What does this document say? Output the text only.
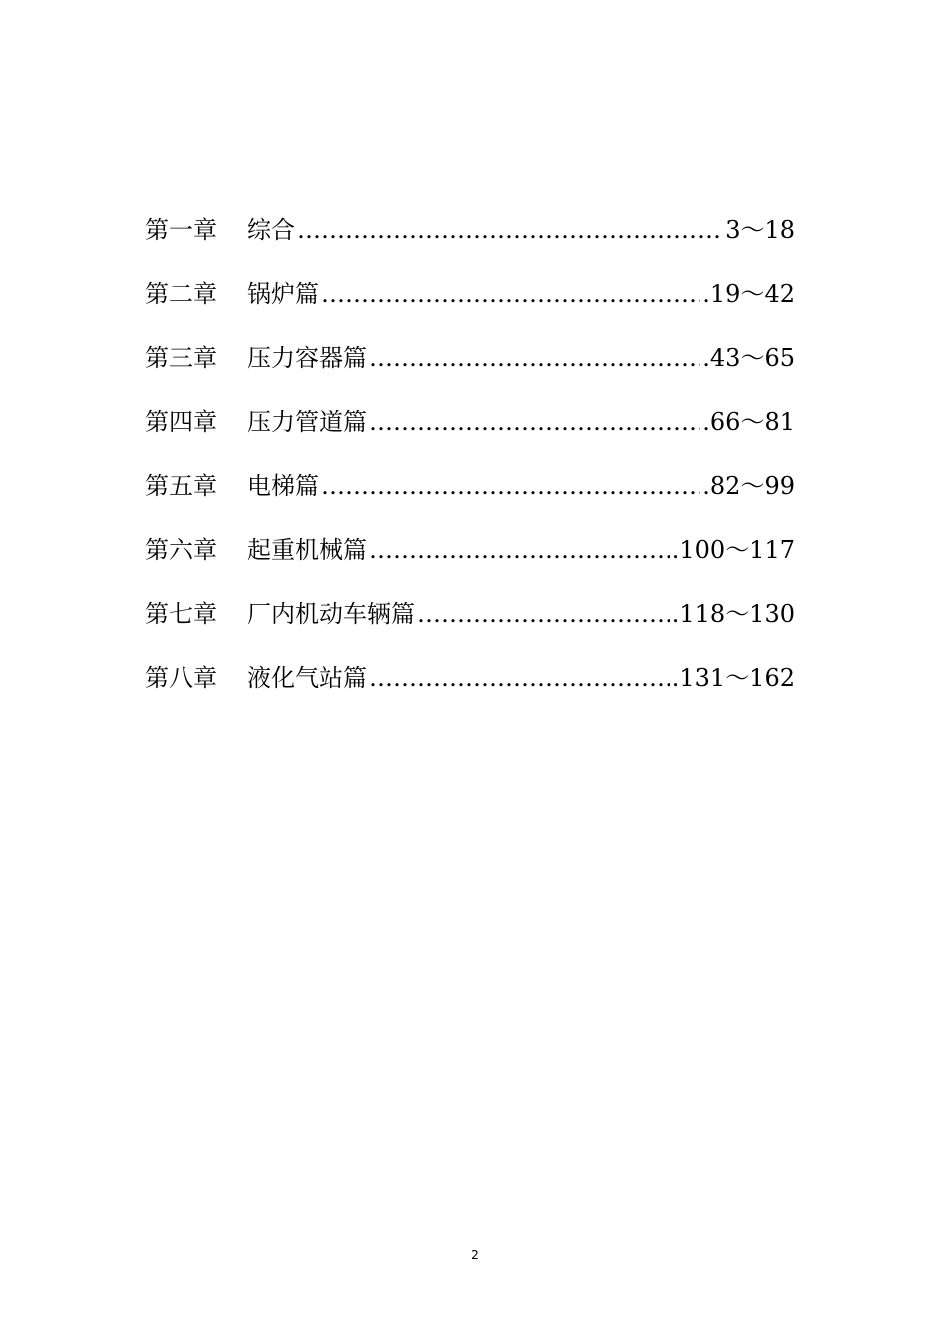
第一章	综合 ……………………………………………………………………………………………………	3～18
第二章	锅炉篇 ……………………………………………………………………………………………………	.19～42
第三章	压力容器篇 ……………………………………………………………………………………………………	.43～65
第四章	压力管道篇 ……………………………………………………………………………………………………	.66～81
第五章	电梯篇 ……………………………………………………………………………………………………	.82～99
第六章	起重机械篇 ……………………………………………………………………………………………………	.100～117
第七章	厂内机动车辆篇 ……………………………………………………………………………………………………	.118～130
第八章	液化气站篇 ……………………………………………………………………………………………………	.131～162
2
